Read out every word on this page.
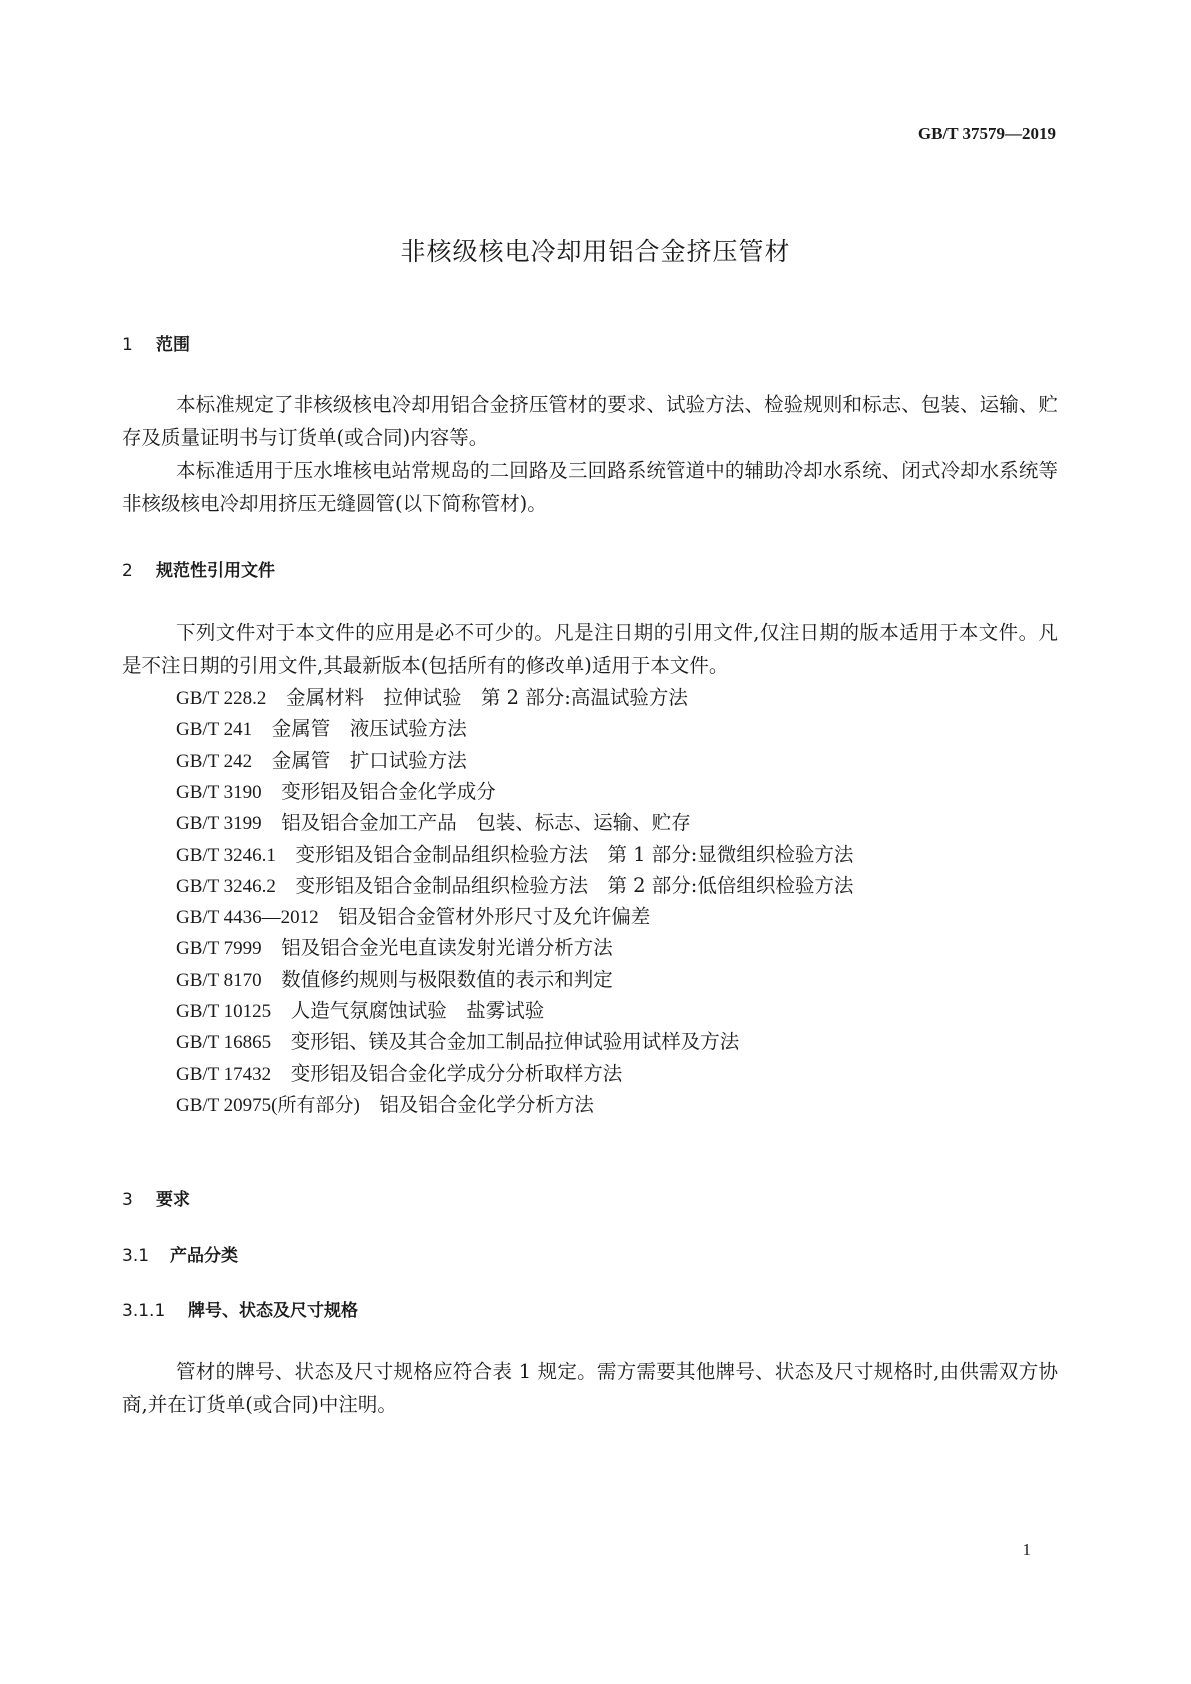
GB/T 37579—2019
非核级核电冷却用铝合金挤压管材
1 范围
本标准规定了非核级核电冷却用铝合金挤压管材的要求、试验方法、检验规则和标志、包装、运输、贮存及质量证明书与订货单(或合同)内容等。
本标准适用于压水堆核电站常规岛的二回路及三回路系统管道中的辅助冷却水系统、闭式冷却水系统等非核级核电冷却用挤压无缝圆管(以下简称管材)。
2 规范性引用文件
下列文件对于本文件的应用是必不可少的。凡是注日期的引用文件,仅注日期的版本适用于本文件。凡是不注日期的引用文件,其最新版本(包括所有的修改单)适用于本文件。
GB/T 228.2　 金属材料　拉伸试验　第 2 部分:高温试验方法
GB/T 241　 金属管　液压试验方法
GB/T 242　 金属管　扩口试验方法
GB/T 3190　 变形铝及铝合金化学成分
GB/T 3199　 铝及铝合金加工产品　包装、标志、运输、贮存
GB/T 3246.1　 变形铝及铝合金制品组织检验方法　第 1 部分:显微组织检验方法
GB/T 3246.2　 变形铝及铝合金制品组织检验方法　第 2 部分:低倍组织检验方法
GB/T 4436—2012　 铝及铝合金管材外形尺寸及允许偏差
GB/T 7999　 铝及铝合金光电直读发射光谱分析方法
GB/T 8170　 数值修约规则与极限数值的表示和判定
GB/T 10125　 人造气氛腐蚀试验　盐雾试验
GB/T 16865　 变形铝、镁及其合金加工制品拉伸试验用试样及方法
GB/T 17432　 变形铝及铝合金化学成分分析取样方法
GB/T 20975(所有部分)　 铝及铝合金化学分析方法
3 要求
3.1 产品分类
3.1.1 牌号、状态及尺寸规格
管材的牌号、状态及尺寸规格应符合表 1 规定。需方需要其他牌号、状态及尺寸规格时,由供需双方协商,并在订货单(或合同)中注明。
1
